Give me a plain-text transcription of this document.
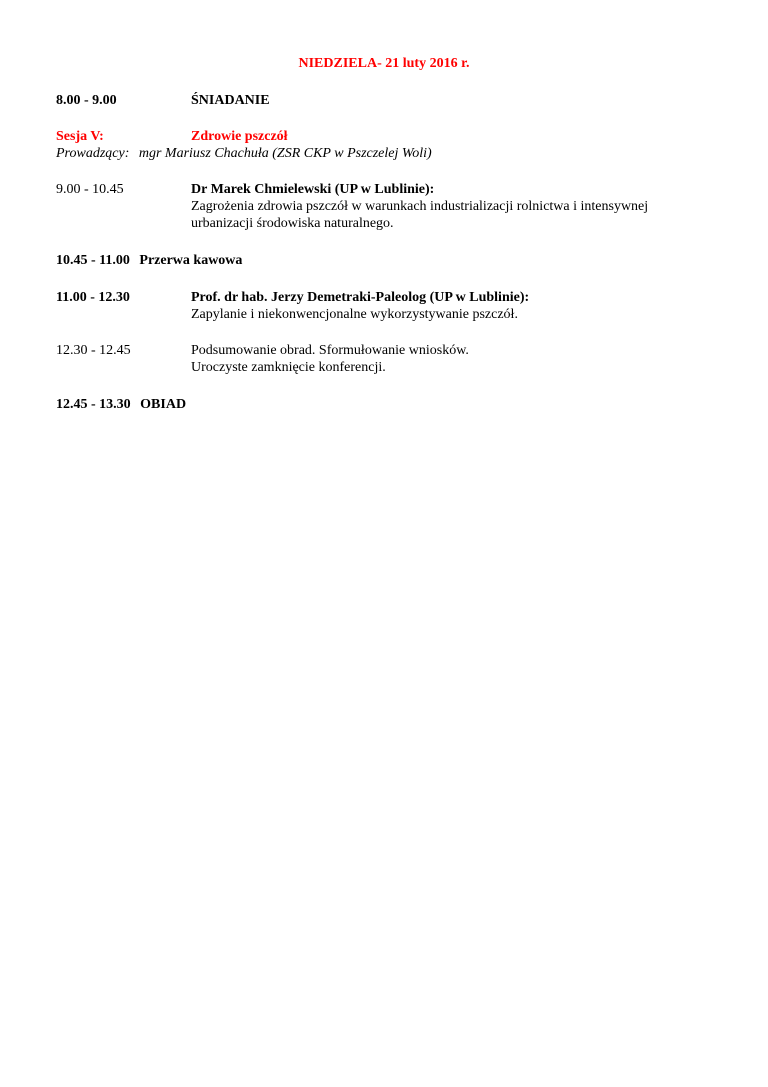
NIEDZIELA- 21 luty 2016 r.
8.00 - 9.00	ŚNIADANIE
Sesja V:	Zdrowie pszczół
Prowadzący: mgr Mariusz Chachuła (ZSR CKP w Pszczelej Woli)
9.00 - 10.45	Dr Marek Chmielewski (UP w Lublinie):
Zagrożenia zdrowia pszczół w warunkach industrializacji rolnictwa i intensywnej
urbanizacji środowiska naturalnego.
10.45 - 11.00 Przerwa kawowa
11.00 - 12.30	Prof. dr hab. Jerzy Demetraki-Paleolog (UP w Lublinie):
Zapylanie i niekonwencjonalne wykorzystywanie pszczół.
12.30 - 12.45	Podsumowanie obrad. Sformułowanie wniosków.
Uroczyste zamknięcie konferencji.
12.45 - 13.30 OBIAD
